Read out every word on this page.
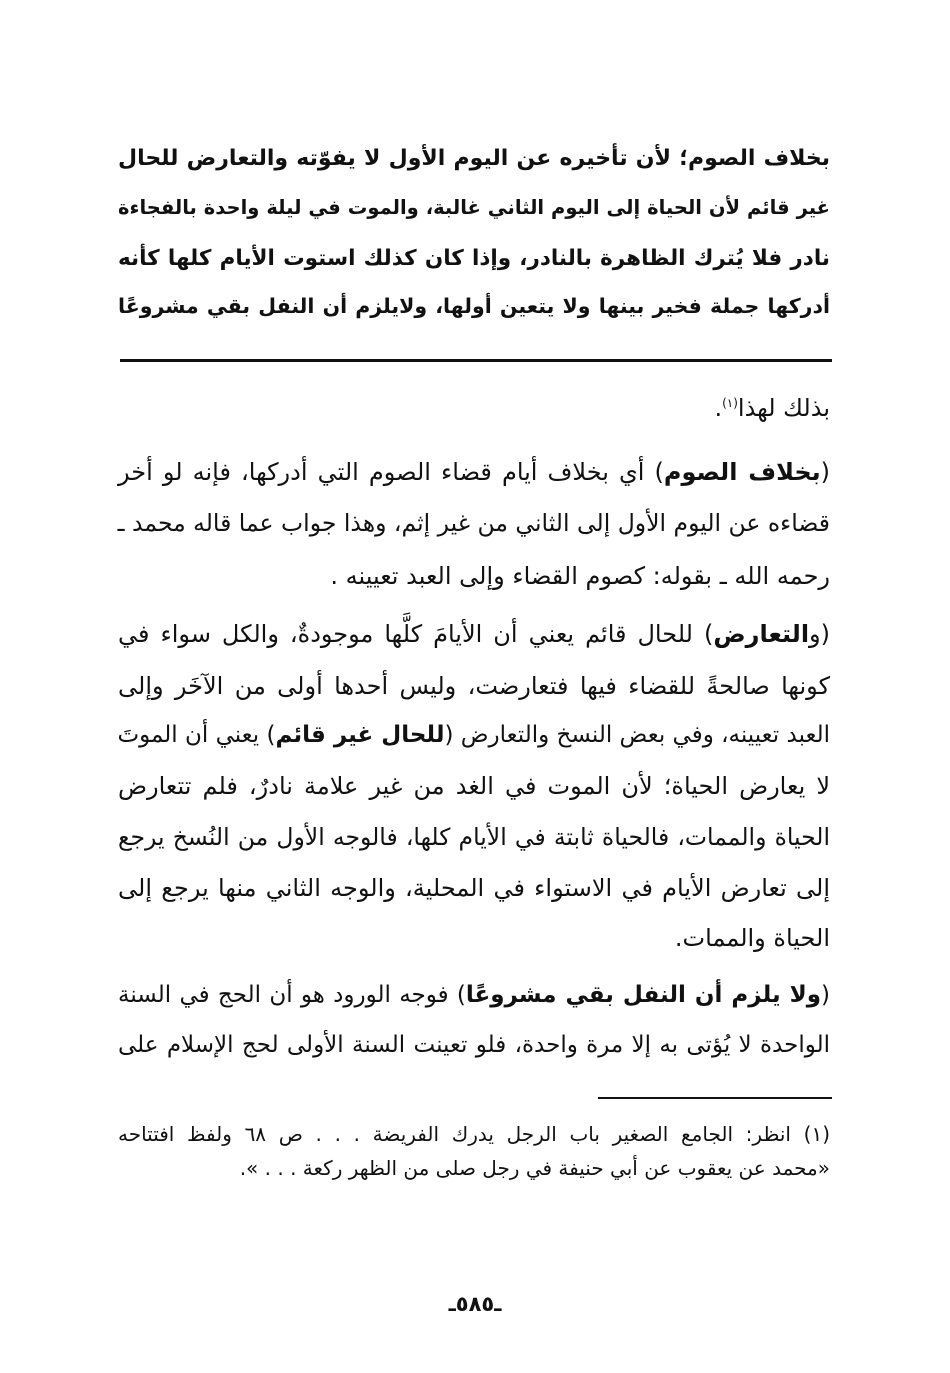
بخلاف الصوم؛ لأن تأخيره عن اليوم الأول لا يفوّته والتعارض للحال
غير قائم لأن الحياة إلى اليوم الثاني غالبة، والموت في ليلة واحدة بالفجاءة
نادر فلا يُترك الظاهرة بالنادر، وإذا كان كذلك استوت الأيام كلها كأنه
أدركها جملة فخير بينها ولا يتعين أولها، ولايلزم أن النفل بقي مشروعًا
بذلك لهذا$^{(١)}$.
(بخلاف الصوم) أي بخلاف أيام قضاء الصوم التي أدركها، فإنه لو أخر
قضاءه عن اليوم الأول إلى الثاني من غير إثم، وهذا جواب عما قاله محمد ـ
رحمه الله ـ بقوله: كصوم القضاء وإلى العبد تعيينه .
(والتعارض) للحال قائم يعني أن الأيامَ كلَّها موجودةٌ، والكل سواء في
كونها صالحةً للقضاء فيها فتعارضت، وليس أحدها أولى من الآخَر وإلى
العبد تعيينه، وفي بعض النسخ والتعارض (للحال غير قائم) يعني أن الموتَ
لا يعارض الحياة؛ لأن الموت في الغد من غير علامة نادرٌ، فلم تتعارض
الحياة والممات، فالحياة ثابتة في الأيام كلها، فالوجه الأول من النُسخ يرجع
إلى تعارض الأيام في الاستواء في المحلية، والوجه الثاني منها يرجع إلى
الحياة والممات.
(ولا يلزم أن النفل بقي مشروعًا) فوجه الورود هو أن الحج في السنة
الواحدة لا يُؤتى به إلا مرة واحدة، فلو تعينت السنة الأولى لحج الإسلام على
(١) انظر: الجامع الصغير باب الرجل يدرك الفريضة . . . ص ٦٨ ولفظ افتتاحه
«محمد عن يعقوب عن أبي حنيفة في رجل صلى من الظهر ركعة . . . ».
ـ٥٨٥ـ
